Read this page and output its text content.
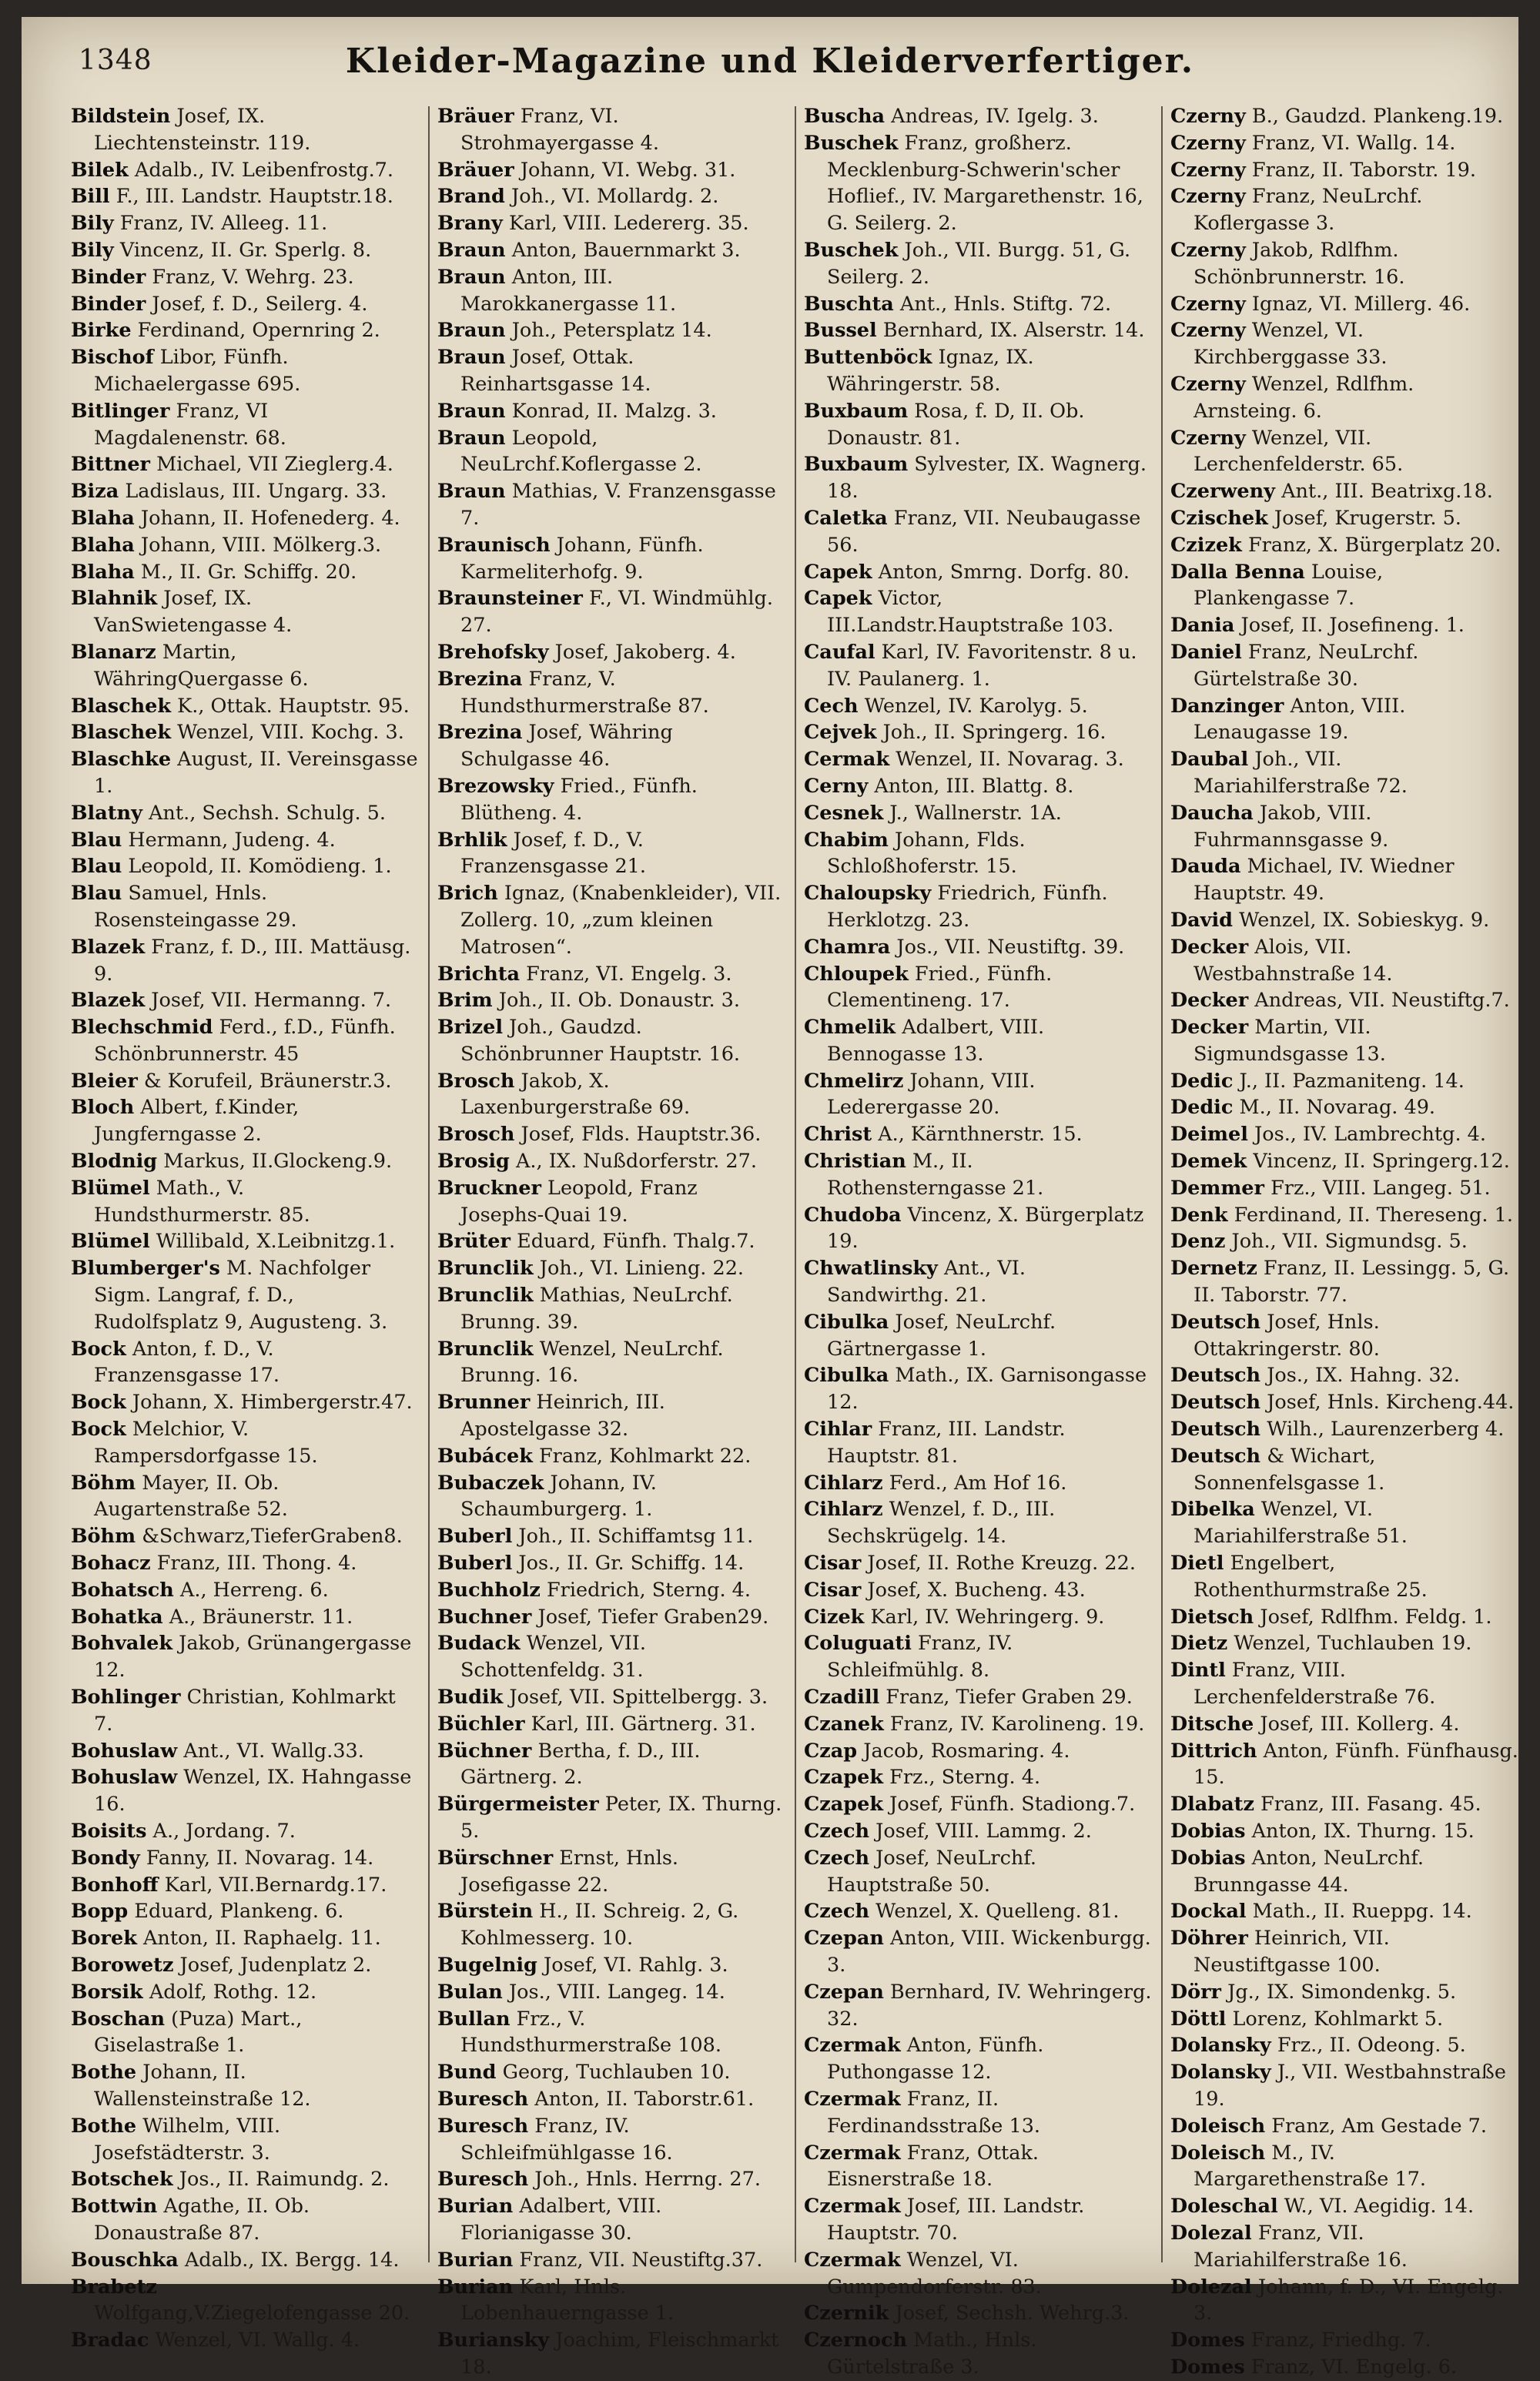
1348	Kleider-Magazine und Kleiderverfertiger.

Bildstein Josef, IX. Liechtensteinstr. 119.

Bilek Adalb., IV. Leibenfrostg.7.

Bill F., III. Landstr. Hauptstr.18.

Bily Franz, IV. Alleeg. 11.

Bily Vincenz, II. Gr. Sperlg. 8.

Binder Franz, V. Wehrg. 23.

Binder Josef, f. D., Seilerg. 4.

Birke Ferdinand, Opernring 2.

Bischof Libor, Fünfh. Michaelergasse 695.

Bitlinger Franz, VI Magdalenenstr. 68.

Bittner Michael, VII Zieglerg.4.

Biza Ladislaus, III. Ungarg. 33.

Blaha Johann, II. Hofenederg. 4.

Blaha Johann, VIII. Mölkerg.3.

Blaha M., II. Gr. Schiffg. 20.

Blahnik Josef, IX. VanSwietengasse 4.

Blanarz Martin, WähringQuergasse 6.

Blaschek K., Ottak. Hauptstr. 95.

Blaschek Wenzel, VIII. Kochg. 3.

Blaschke August, II. Vereinsgasse 1.

Blatny Ant., Sechsh. Schulg. 5.

Blau Hermann, Judeng. 4.

Blau Leopold, II. Komödieng. 1.

Blau Samuel, Hnls. Rosensteingasse 29.

Blazek Franz, f. D., III. Mattäusg. 9.

Blazek Josef, VII. Hermanng. 7.

Blechschmid Ferd., f.D., Fünfh. Schönbrunnerstr. 45

Bleier & Korufeil, Bräunerstr.3.

Bloch Albert, f.Kinder, Jungferngasse 2.

Blodnig Markus, II.Glockeng.9.

Blümel Math., V. Hundsthurmerstr. 85.

Blümel Willibald, X.Leibnitzg.1.

Blumberger's M. Nachfolger Sigm. Langraf, f. D., Rudolfsplatz 9, Augusteng. 3.

Bock Anton, f. D., V. Franzensgasse 17.

Bock Johann, X. Himbergerstr.47.

Bock Melchior, V. Rampersdorfgasse 15.

Böhm Mayer, II. Ob. Augartenstraße 52.

Böhm &Schwarz,TieferGraben8.

Bohacz Franz, III. Thong. 4.

Bohatsch A., Herreng. 6.

Bohatka A., Bräunerstr. 11.

Bohvalek Jakob, Grünangergasse 12.

Bohlinger Christian, Kohlmarkt 7.

Bohuslaw Ant., VI. Wallg.33.

Bohuslaw Wenzel, IX. Hahngasse 16.

Boisits A., Jordang. 7.

Bondy Fanny, II. Novarag. 14.

Bonhoff Karl, VII.Bernardg.17.

Bopp Eduard, Plankeng. 6.

Borek Anton, II. Raphaelg. 11.

Borowetz Josef, Judenplatz 2.

Borsik Adolf, Rothg. 12.

Boschan (Puza) Mart., Giselastraße 1.

Bothe Johann, II. Wallensteinstraße 12.

Bothe Wilhelm, VIII. Josefstädterstr. 3.

Botschek Jos., II. Raimundg. 2.

Bottwin Agathe, II. Ob. Donaustraße 87.

Bouschka Adalb., IX. Bergg. 14.

Brabetz Wolfgang,V.Ziegelofengasse 20.

Bradac Wenzel, VI. Wallg. 4.

Bräuer Franz, VI. Strohmayergasse 4.

Bräuer Johann, VI. Webg. 31.

Brand Joh., VI. Mollardg. 2.

Brany Karl, VIII. Ledererg. 35.

Braun Anton, Bauernmarkt 3.

Braun Anton, III. Marokkanergasse 11.

Braun Joh., Petersplatz 14.

Braun Josef, Ottak. Reinhartsgasse 14.

Braun Konrad, II. Malzg. 3.

Braun Leopold, NeuLrchf.Koflergasse 2.

Braun Mathias, V. Franzensgasse 7.

Braunisch Johann, Fünfh. Karmeliterhofg. 9.

Braunsteiner F., VI. Windmühlg. 27.

Brehofsky Josef, Jakoberg. 4.

Brezina Franz, V. Hundsthurmerstraße 87.

Brezina Josef, Währing Schulgasse 46.

Brezowsky Fried., Fünfh. Blütheng. 4.

Brhlik Josef, f. D., V. Franzensgasse 21.

Brich Ignaz, (Knabenkleider), VII. Zollerg. 10, „zum kleinen Matrosen“.

Brichta Franz, VI. Engelg. 3.

Brim Joh., II. Ob. Donaustr. 3.

Brizel Joh., Gaudzd. Schönbrunner Hauptstr. 16.

Brosch Jakob, X. Laxenburgerstraße 69.

Brosch Josef, Flds. Hauptstr.36.

Brosig A., IX. Nußdorferstr. 27.

Bruckner Leopold, Franz Josephs-Quai 19.

Brüter Eduard, Fünfh. Thalg.7.

Brunclik Joh., VI. Linieng. 22.

Brunclik Mathias, NeuLrchf. Brunng. 39.

Brunclik Wenzel, NeuLrchf. Brunng. 16.

Brunner Heinrich, III. Apostelgasse 32.

Bubácek Franz, Kohlmarkt 22.

Bubaczek Johann, IV. Schaumburgerg. 1.

Buberl Joh., II. Schiffamtsg 11.

Buberl Jos., II. Gr. Schiffg. 14.

Buchholz Friedrich, Sterng. 4.

Buchner Josef, Tiefer Graben29.

Budack Wenzel, VII. Schottenfeldg. 31.

Budik Josef, VII. Spittelbergg. 3.

Büchler Karl, III. Gärtnerg. 31.

Büchner Bertha, f. D., III. Gärtnerg. 2.

Bürgermeister Peter, IX. Thurng. 5.

Bürschner Ernst, Hnls. Josefigasse 22.

Bürstein H., II. Schreig. 2, G. Kohlmesserg. 10.

Bugelnig Josef, VI. Rahlg. 3.

Bulan Jos., VIII. Langeg. 14.

Bullan Frz., V. Hundsthurmerstraße 108.

Bund Georg, Tuchlauben 10.

Buresch Anton, II. Taborstr.61.

Buresch Franz, IV. Schleifmühlgasse 16.

Buresch Joh., Hnls. Herrng. 27.

Burian Adalbert, VIII. Florianigasse 30.

Burian Franz, VII. Neustiftg.37.

Burian Karl, Hnls. Lobenhauerngasse 1.

Buriansky Joachim, Fleischmarkt 18.

Buscha Andreas, IV. Igelg. 3.

Buschek Franz, großherz. Mecklenburg-Schwerin'scher Hoflief., IV. Margarethenstr. 16, G. Seilerg. 2.

Buschek Joh., VII. Burgg. 51, G. Seilerg. 2.

Buschta Ant., Hnls. Stiftg. 72.

Bussel Bernhard, IX. Alserstr. 14.

Buttenböck Ignaz, IX. Währingerstr. 58.

Buxbaum Rosa, f. D, II. Ob. Donaustr. 81.

Buxbaum Sylvester, IX. Wagnerg. 18.

Caletka Franz, VII. Neubaugasse 56.

Capek Anton, Smrng. Dorfg. 80.

Capek Victor, III.Landstr.Hauptstraße 103.

Caufal Karl, IV. Favoritenstr. 8 u. IV. Paulanerg. 1.

Cech Wenzel, IV. Karolyg. 5.

Cejvek Joh., II. Springerg. 16.

Cermak Wenzel, II. Novarag. 3.

Cerny Anton, III. Blattg. 8.

Cesnek J., Wallnerstr. 1A.

Chabim Johann, Flds. Schloßhoferstr. 15.

Chaloupsky Friedrich, Fünfh. Herklotzg. 23.

Chamra Jos., VII. Neustiftg. 39.

Chloupek Fried., Fünfh. Clementineng. 17.

Chmelik Adalbert, VIII. Bennogasse 13.

Chmelirz Johann, VIII. Lederergasse 20.

Christ A., Kärnthnerstr. 15.

Christian M., II. Rothensterngasse 21.

Chudoba Vincenz, X. Bürgerplatz 19.

Chwatlinsky Ant., VI. Sandwirthg. 21.

Cibulka Josef, NeuLrchf. Gärtnergasse 1.

Cibulka Math., IX. Garnisongasse 12.

Cihlar Franz, III. Landstr. Hauptstr. 81.

Cihlarz Ferd., Am Hof 16.

Cihlarz Wenzel, f. D., III. Sechskrügelg. 14.

Cisar Josef, II. Rothe Kreuzg. 22.

Cisar Josef, X. Bucheng. 43.

Cizek Karl, IV. Wehringerg. 9.

Coluguati Franz, IV. Schleifmühlg. 8.

Czadill Franz, Tiefer Graben 29.

Czanek Franz, IV. Karolineng. 19.

Czap Jacob, Rosmaring. 4.

Czapek Frz., Sterng. 4.

Czapek Josef, Fünfh. Stadiong.7.

Czech Josef, VIII. Lammg. 2.

Czech Josef, NeuLrchf. Hauptstraße 50.

Czech Wenzel, X. Quelleng. 81.

Czepan Anton, VIII. Wickenburgg. 3.

Czepan Bernhard, IV. Wehringerg. 32.

Czermak Anton, Fünfh. Puthongasse 12.

Czermak Franz, II. Ferdinandsstraße 13.

Czermak Franz, Ottak. Eisnerstraße 18.

Czermak Josef, III. Landstr. Hauptstr. 70.

Czermak Wenzel, VI. Gumpendorferstr. 83.

Czernik Josef, Sechsh. Wehrg.3.

Czernoch Math., Hnls. Gürtelstraße 3.

Czerny B., Gaudzd. Plankeng.19.

Czerny Franz, VI. Wallg. 14.

Czerny Franz, II. Taborstr. 19.

Czerny Franz, NeuLrchf. Koflergasse 3.

Czerny Jakob, Rdlfhm. Schönbrunnerstr. 16.

Czerny Ignaz, VI. Millerg. 46.

Czerny Wenzel, VI. Kirchberggasse 33.

Czerny Wenzel, Rdlfhm. Arnsteing. 6.

Czerny Wenzel, VII. Lerchenfelderstr. 65.

Czerweny Ant., III. Beatrixg.18.

Czischek Josef, Krugerstr. 5.

Czizek Franz, X. Bürgerplatz 20.

Dalla Benna Louise, Plankengasse 7.

Dania Josef, II. Josefineng. 1.

Daniel Franz, NeuLrchf. Gürtelstraße 30.

Danzinger Anton, VIII. Lenaugasse 19.

Daubal Joh., VII. Mariahilferstraße 72.

Daucha Jakob, VIII. Fuhrmannsgasse 9.

Dauda Michael, IV. Wiedner Hauptstr. 49.

David Wenzel, IX. Sobieskyg. 9.

Decker Alois, VII. Westbahnstraße 14.

Decker Andreas, VII. Neustiftg.7.

Decker Martin, VII. Sigmundsgasse 13.

Dedic J., II. Pazmaniteng. 14.

Dedic M., II. Novarag. 49.

Deimel Jos., IV. Lambrechtg. 4.

Demek Vincenz, II. Springerg.12.

Demmer Frz., VIII. Langeg. 51.

Denk Ferdinand, II. Thereseng. 1.

Denz Joh., VII. Sigmundsg. 5.

Dernetz Franz, II. Lessingg. 5, G. II. Taborstr. 77.

Deutsch Josef, Hnls. Ottakringerstr. 80.

Deutsch Jos., IX. Hahng. 32.

Deutsch Josef, Hnls. Kircheng.44.

Deutsch Wilh., Laurenzerberg 4.

Deutsch & Wichart, Sonnenfelsgasse 1.

Dibelka Wenzel, VI. Mariahilferstraße 51.

Dietl Engelbert, Rothenthurmstraße 25.

Dietsch Josef, Rdlfhm. Feldg. 1.

Dietz Wenzel, Tuchlauben 19.

Dintl Franz, VIII. Lerchenfelderstraße 76.

Ditsche Josef, III. Kollerg. 4.

Dittrich Anton, Fünfh. Fünfhausg. 15.

Dlabatz Franz, III. Fasang. 45.

Dobias Anton, IX. Thurng. 15.

Dobias Anton, NeuLrchf. Brunngasse 44.

Dockal Math., II. Rueppg. 14.

Döhrer Heinrich, VII. Neustiftgasse 100.

Dörr Jg., IX. Simondenkg. 5.

Döttl Lorenz, Kohlmarkt 5.

Dolansky Frz., II. Odeong. 5.

Dolansky J., VII. Westbahnstraße 19.

Doleisch Franz, Am Gestade 7.

Doleisch M., IV. Margarethenstraße 17.

Doleschal W., VI. Aegidig. 14.

Dolezal Franz, VII. Mariahilferstraße 16.

Dolezal Johann, f. D., VI. Engelg. 3.

Domes Franz, Friedhg. 7.

Domes Franz, VI. Engelg. 6.
